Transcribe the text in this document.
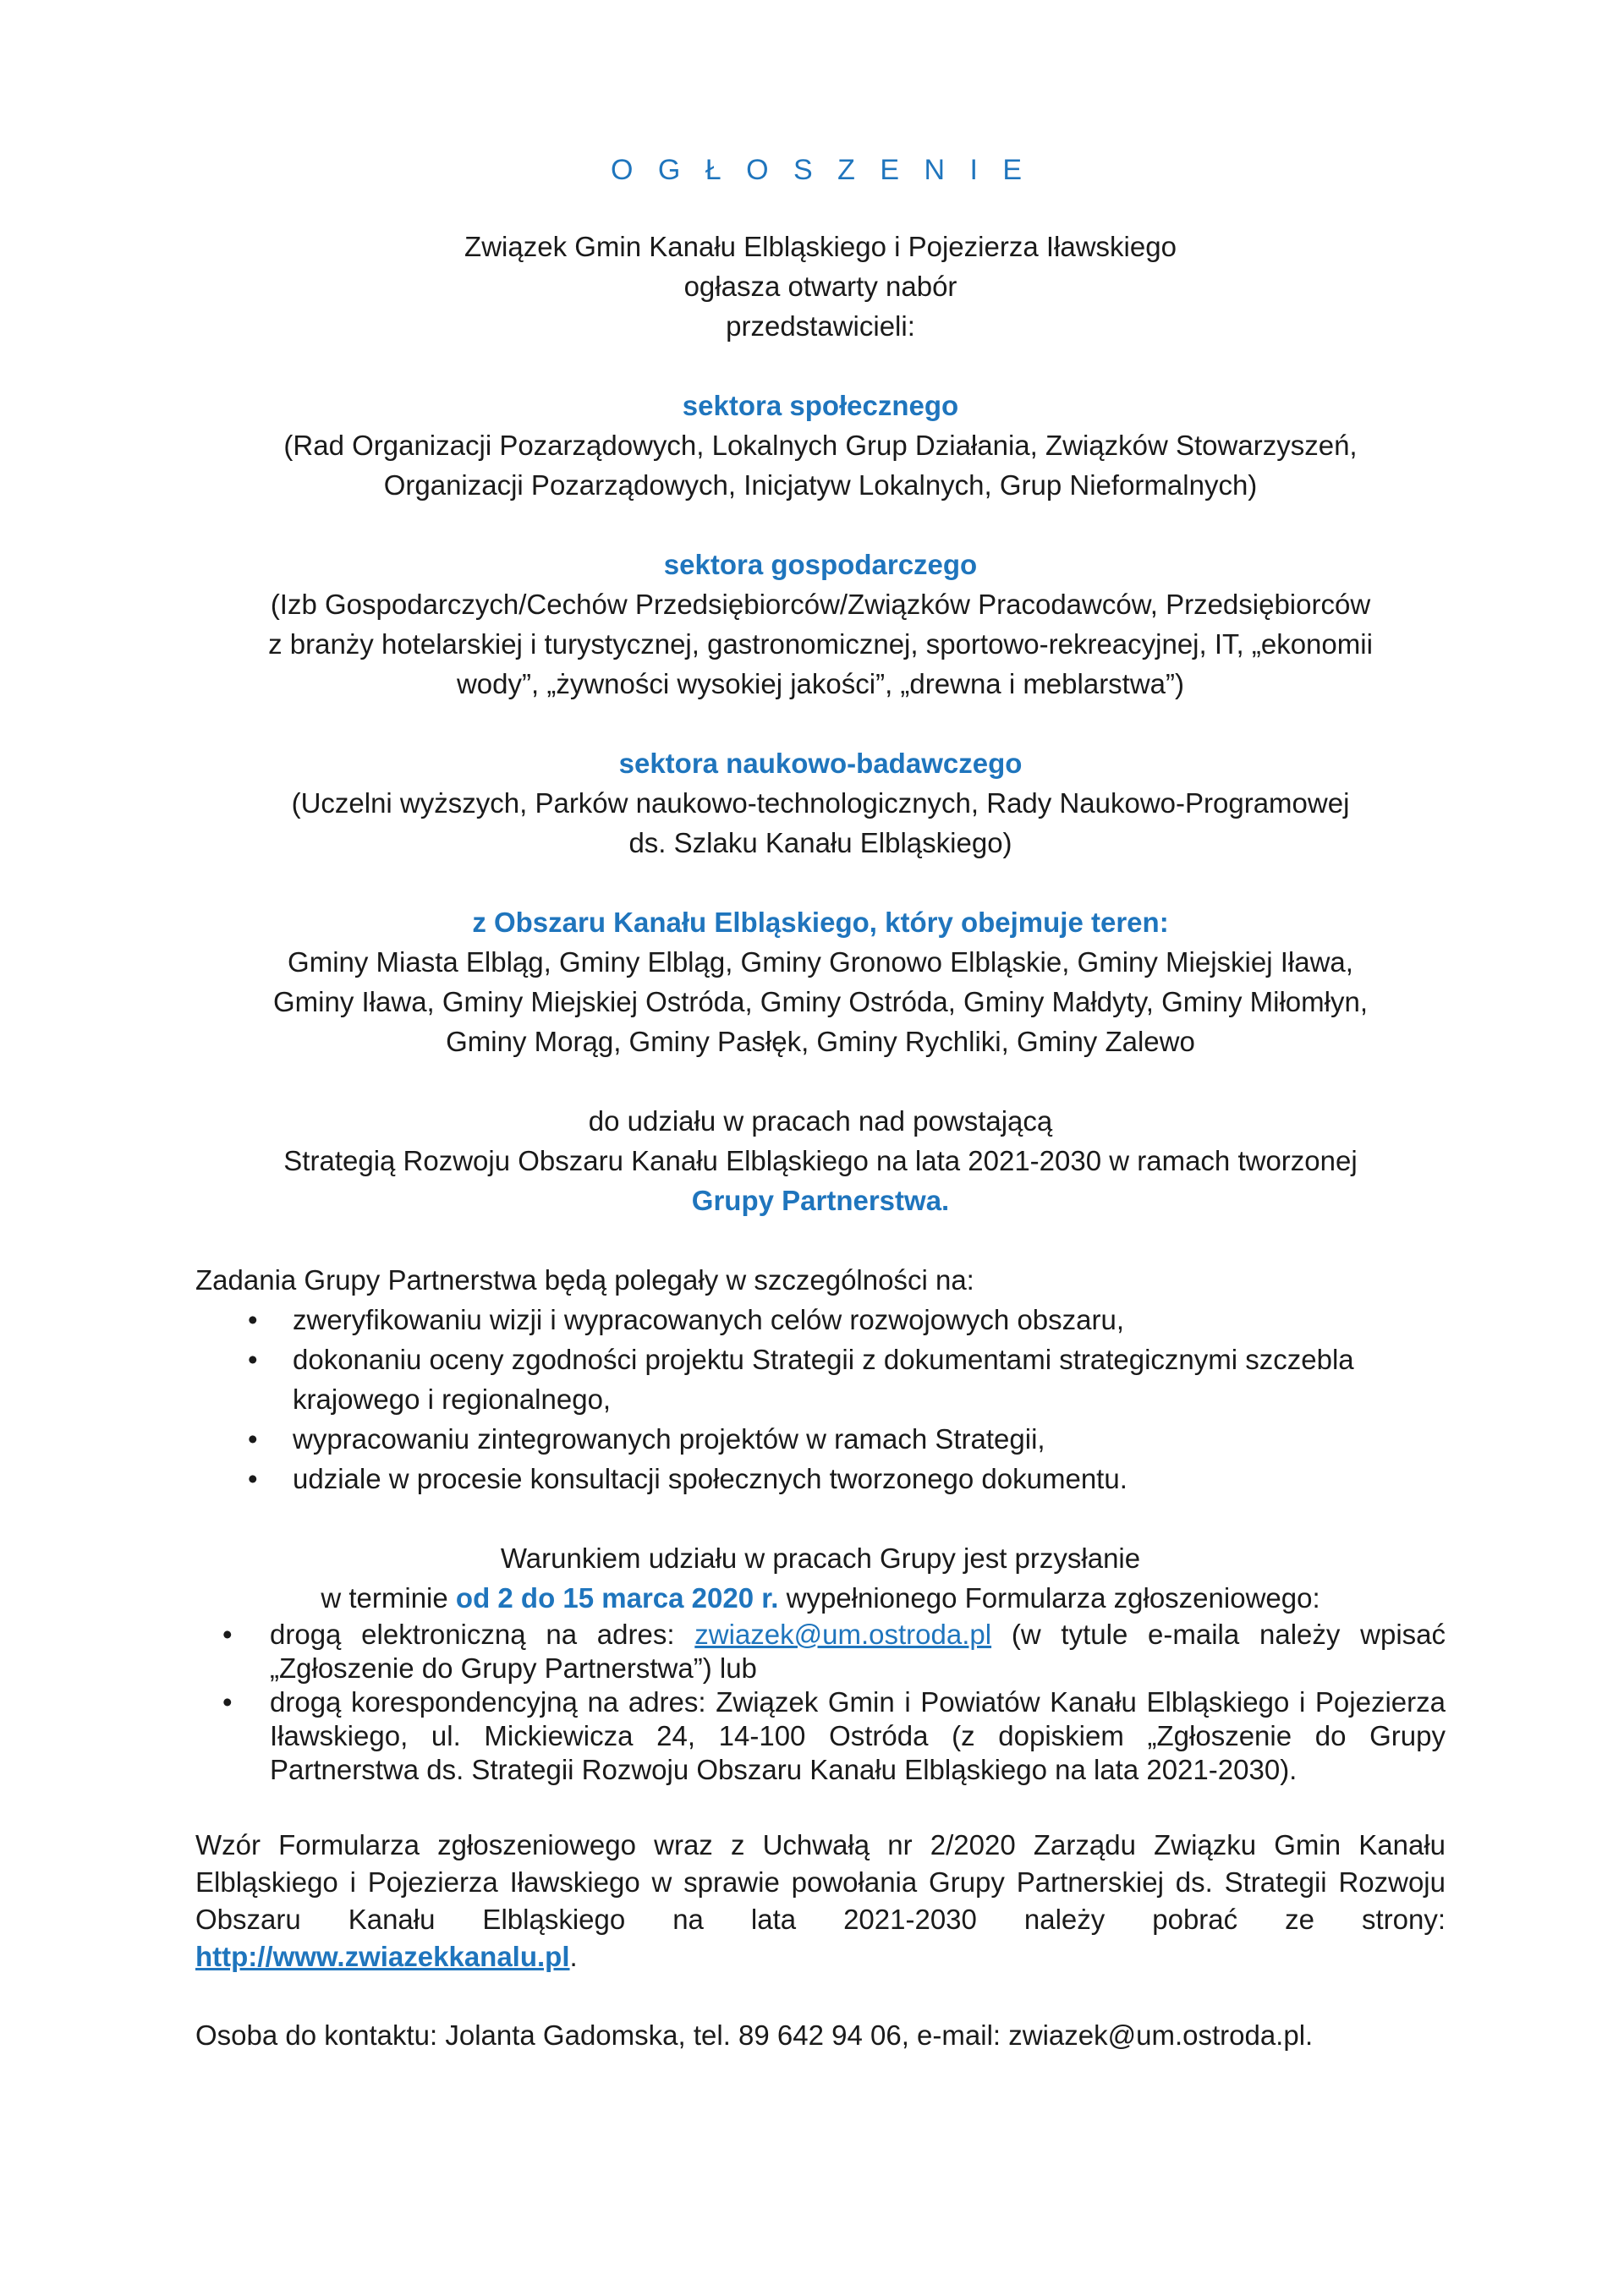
O G Ł O S Z E N I E
Związek Gmin Kanału Elbląskiego i Pojezierza Iławskiego
ogłasza otwarty nabór
przedstawicieli:
sektora społecznego
(Rad Organizacji Pozarządowych, Lokalnych Grup Działania, Związków Stowarzyszeń,
Organizacji Pozarządowych, Inicjatyw Lokalnych, Grup Nieformalnych)
sektora gospodarczego
(Izb Gospodarczych/Cechów Przedsiębiorców/Związków Pracodawców, Przedsiębiorców
z branży hotelarskiej i turystycznej, gastronomicznej, sportowo-rekreacyjnej, IT, „ekonomii
wody”, „żywności wysokiej jakości”, „drewna i meblarstwa”)
sektora naukowo-badawczego
(Uczelni wyższych, Parków naukowo-technologicznych, Rady Naukowo-Programowej
ds. Szlaku Kanału Elbląskiego)
z Obszaru Kanału Elbląskiego, który obejmuje teren:
Gminy Miasta Elbląg, Gminy Elbląg, Gminy Gronowo Elbląskie, Gminy Miejskiej Iława,
Gminy Iława, Gminy Miejskiej Ostróda, Gminy Ostróda, Gminy Małdyty, Gminy Miłomłyn,
Gminy Morąg, Gminy Pasłęk, Gminy Rychliki, Gminy Zalewo
do udziału w pracach nad powstającą
Strategią Rozwoju Obszaru Kanału Elbląskiego na lata 2021-2030 w ramach tworzonej
Grupy Partnerstwa.
Zadania Grupy Partnerstwa będą polegały w szczególności na:
• zweryfikowaniu wizji i wypracowanych celów rozwojowych obszaru,
• dokonaniu oceny zgodności projektu Strategii z dokumentami strategicznymi szczebla krajowego i regionalnego,
• wypracowaniu zintegrowanych projektów w ramach Strategii,
• udziale w procesie konsultacji społecznych tworzonego dokumentu.
Warunkiem udziału w pracach Grupy jest przysłanie
w terminie od 2 do 15 marca 2020 r. wypełnionego Formularza zgłoszeniowego:
• drogą elektroniczną na adres: zwiazek@um.ostroda.pl (w tytule e-maila należy wpisać „Zgłoszenie do Grupy Partnerstwa”) lub
• drogą korespondencyjną na adres: Związek Gmin i Powiatów Kanału Elbląskiego i Pojezierza Iławskiego, ul. Mickiewicza 24, 14-100 Ostróda (z dopiskiem „Zgłoszenie do Grupy Partnerstwa ds. Strategii Rozwoju Obszaru Kanału Elbląskiego na lata 2021-2030).
Wzór Formularza zgłoszeniowego wraz z Uchwałą nr 2/2020 Zarządu Związku Gmin Kanału Elbląskiego i Pojezierza Iławskiego w sprawie powołania Grupy Partnerskiej ds. Strategii Rozwoju Obszaru Kanału Elbląskiego na lata 2021-2030 należy pobrać ze strony: http://www.zwiazekkanalu.pl.
Osoba do kontaktu: Jolanta Gadomska, tel. 89 642 94 06, e-mail: zwiazek@um.ostroda.pl.
